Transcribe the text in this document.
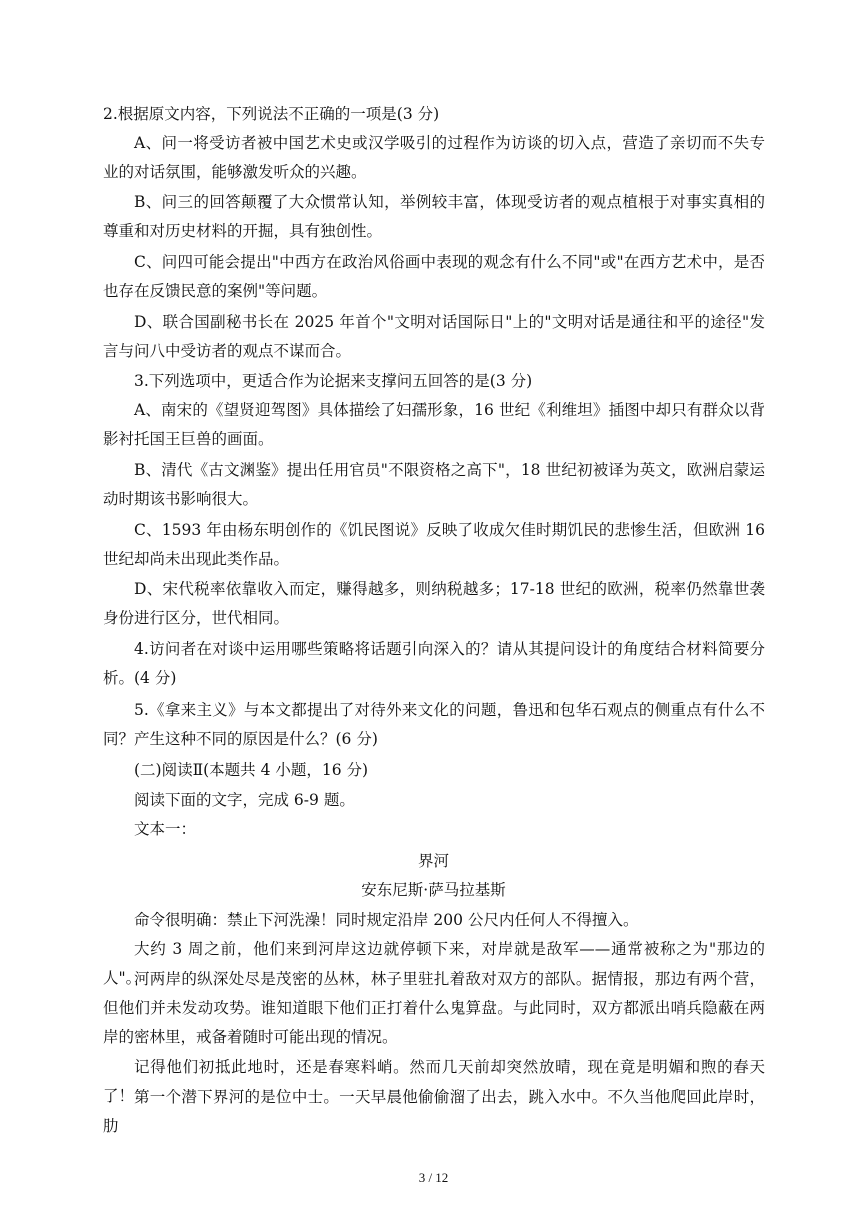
2.根据原文内容，下列说法不正确的一项是(3 分)
A、问一将受访者被中国艺术史或汉学吸引的过程作为访谈的切入点，营造了亲切而不失专业的对话氛围，能够激发听众的兴趣。
B、问三的回答颠覆了大众惯常认知，举例较丰富，体现受访者的观点植根于对事实真相的尊重和对历史材料的开掘，具有独创性。
C、问四可能会提出"中西方在政治风俗画中表现的观念有什么不同"或"在西方艺术中，是否也存在反馈民意的案例"等问题。
D、联合国副秘书长在 2025 年首个"文明对话国际日"上的"文明对话是通往和平的途径"发言与问八中受访者的观点不谋而合。
3.下列选项中，更适合作为论据来支撑问五回答的是(3 分)
A、南宋的《望贤迎驾图》具体描绘了妇孺形象，16 世纪《利维坦》插图中却只有群众以背影衬托国王巨兽的画面。
B、清代《古文渊鉴》提出任用官员"不限资格之高下"，18 世纪初被译为英文，欧洲启蒙运动时期该书影响很大。
C、1593 年由杨东明创作的《饥民图说》反映了收成欠佳时期饥民的悲惨生活，但欧洲 16 世纪却尚未出现此类作品。
D、宋代税率依靠收入而定，赚得越多，则纳税越多；17-18 世纪的欧洲，税率仍然靠世袭身份进行区分，世代相同。
4.访问者在对谈中运用哪些策略将话题引向深入的？请从其提问设计的角度结合材料简要分析。(4 分)
5.《拿来主义》与本文都提出了对待外来文化的问题，鲁迅和包华石观点的侧重点有什么不同？产生这种不同的原因是什么？(6 分)
(二)阅读Ⅱ(本题共 4 小题，16 分)
阅读下面的文字，完成 6-9 题。
文本一：
界河
安东尼斯·萨马拉基斯
命令很明确：禁止下河洗澡！同时规定沿岸 200 公尺内任何人不得擅入。
大约 3 周之前，他们来到河岸这边就停顿下来，对岸就是敌军——通常被称之为"那边的人"。
河两岸的纵深处尽是茂密的丛林，林子里驻扎着敌对双方的部队。据情报，那边有两个营，但他们并未发动攻势。谁知道眼下他们正打着什么鬼算盘。与此同时，双方都派出哨兵隐蔽在两岸的密林里，戒备着随时可能出现的情况。
记得他们初抵此地时，还是春寒料峭。然而几天前却突然放晴，现在竟是明媚和煦的春天了！ 第一个潜下界河的是位中士。一天早晨他偷偷溜了出去，跳入水中。不久当他爬回此岸时，肋
3 / 12
